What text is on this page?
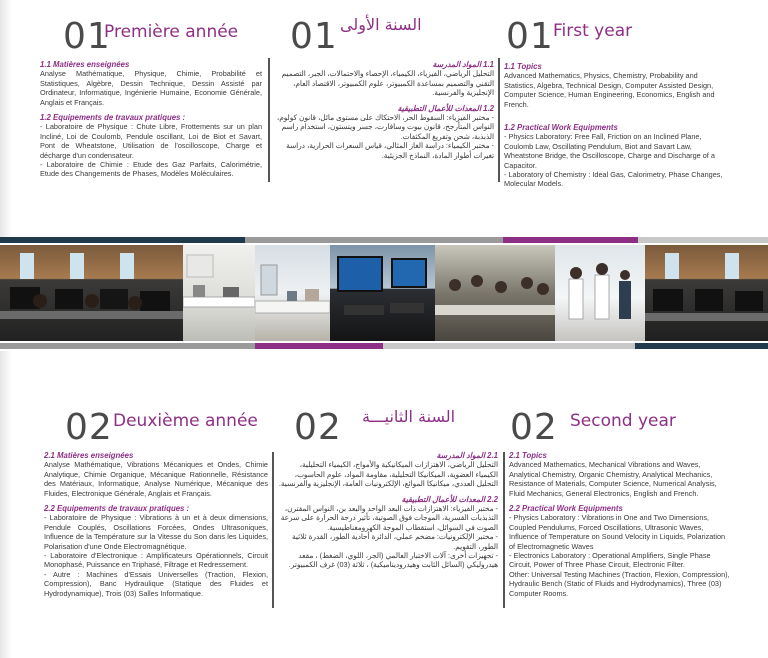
01
Première année
1.1 Matières enseignées
Analyse Mathématique, Physique, Chimie, Probabilité et Statistiques, Algèbre, Dessin Technique, Dessin Assisté par Ordinateur, Informatique, Ingénierie Humaine, Economie Générale, Anglais et Français.
1.2 Equipements de travaux pratiques :
- Laboratoire de Physique : Chute Libre, Frottements sur un plan Incliné, Loi de Coulomb, Pendule oscillant, Loi de Biot et Savart, Pont de Wheatstone, Utilisation de l'oscilloscope, Charge et décharge d'un condensateur.
- Laboratoire de Chimie : Etude des Gaz Parfaits, Calorimétrie, Etude des Changements de Phases, Modèles Moléculaires.
01 السنة الأولى
1.1 المواد المدرسة
التحليل الرياضي، الفيزياء، الكيمياء، الإحصاء والاحتمالات، الجبر، التصميم التقني والتصميم بمساعدة الكمبيوتر، علوم الكمبيوتر، الاقتصاد العام، الإنجليزية والفرنسية.
1.2 المعدات للأعمال التطبيقية
- مختبر الفيزياء: السقوط الحر، الاحتكاك على مستوى مائل، قانون كولوم، النواس المتأرجح، قانون بيوت وسافارت، جسر ويتستون، استخدام راسم الذبذبة، شحن وتفريغ المكثفات.
- مختبر الكيمياء: دراسة الغاز المثالي، قياس السعرات الحرارية، دراسة تغيرات أطوار المادة، النماذج الجزيئية.
01 First year
1.1 Topics
Advanced Mathematics, Physics, Chemistry, Probability and Statistics, Algebra, Technical Design, Computer Assisted Design, Computer Science, Human Engineering, Economics, English and French.
1.2 Practical Work Equipments
- Physics Laboratory: Free Fall, Friction on an Inclined Plane, Coulomb Law, Oscillating Pendulum, Biot and Savart Law, Wheatstone Bridge, the Oscilloscope, Charge and Discharge of a Capacitor.
- Laboratory of Chemistry : Ideal Gas, Calorimetry, Phase Changes, Molecular Models.
02 Deuxième année
2.1 Matières enseignées
Analyse Mathématique, Vibrations Mécaniques et Ondes, Chimie Analytique, Chimie Organique, Mécanique Rationnelle, Résistance des Matériaux, Informatique, Analyse Numérique, Mécanique des Fluides, Electronique Générale, Anglais et Français.
2.2 Equipements de travaux pratiques :
- Laboratoire de Physique : Vibrations à un et à deux dimensions, Pendule Couplés, Oscillations Forcées, Ondes Ultrasoniques, Influence de la Température sur la Vitesse du Son dans les Liquides, Polarisation d'une Onde Electromagnétique.
- Laboratoire d'Electronique : Amplificateurs Opérationnels, Circuit Monophasé, Puissance en Triphasé, Filtrage et Redressement.
- Autre : Machines d'Essais Universelles (Traction, Flexion, Compression), Banc Hydraulique (Statique des Fluides et Hydrodynamique), Trois (03) Salles Informatique.
02 السنة الثانيـــة
2.1 المواد المدرسة
التحليل الرياضي، الاهتزازات الميكانيكية والأمواج، الكيمياء التحليلية، الكيمياء العضوية، الميكانيكا التحليلية، مقاومة المواد، علوم الحاسوب، التحليل العددي، ميكانيكا الموائع، الإلكترونيات العامة، الإنجليزية والفرنسية.
2.2 المعدات للأعمال التطبيقية
- مختبر الفيزياء: الاهتزازات ذات البعد الواحد والبعد بن، النواس المقترن، التذبذبات القسرية، الموجات فوق الصوتية، تأثير درجة الحرارة على سرعة الصوت في السوائل، استقطاب الموجة الكهرومغناطيسية.
- مختبر الإلكترونيات: مضخم عملي، الدائرة أحادية الطور، القدرة ثلاثية الطور، التقويم.
- تجهيزات أخرى: آلات الاختبار العالمي (الجر، اللوي، الضغط) ، مقعد هيدروليكي (السائل الثابت وهيدروديناميكية) ، ثلاثة (03) غرف الكمبيوتر.
02 Second year
2.1 Topics
Advanced Mathematics, Mechanical Vibrations and Waves, Analytical Chemistry, Organic Chemistry, Analytical Mechanics, Resistance of Materials, Computer Science, Numerical Analysis, Fluid Mechanics, General Electronics, English and French.
2.2 Practical Work Equipments
- Physics Laboratory : Vibrations in One and Two Dimensions, Coupled Pendulums, Forced Oscillations, Ultrasonic Waves, Influence of Temperature on Sound Velocity in Liquids, Polarization of Electromagnetic Waves
- Electronics Laboratory : Operational Amplifiers, Single Phase Circuit, Power of Three Phase Circuit, Electronic Filter.
Other: Universal Testing Machines (Traction, Flexion, Compression), Hydraulic Bench (Static of Fluids and Hydrodynamics), Three (03) Computer Rooms.
